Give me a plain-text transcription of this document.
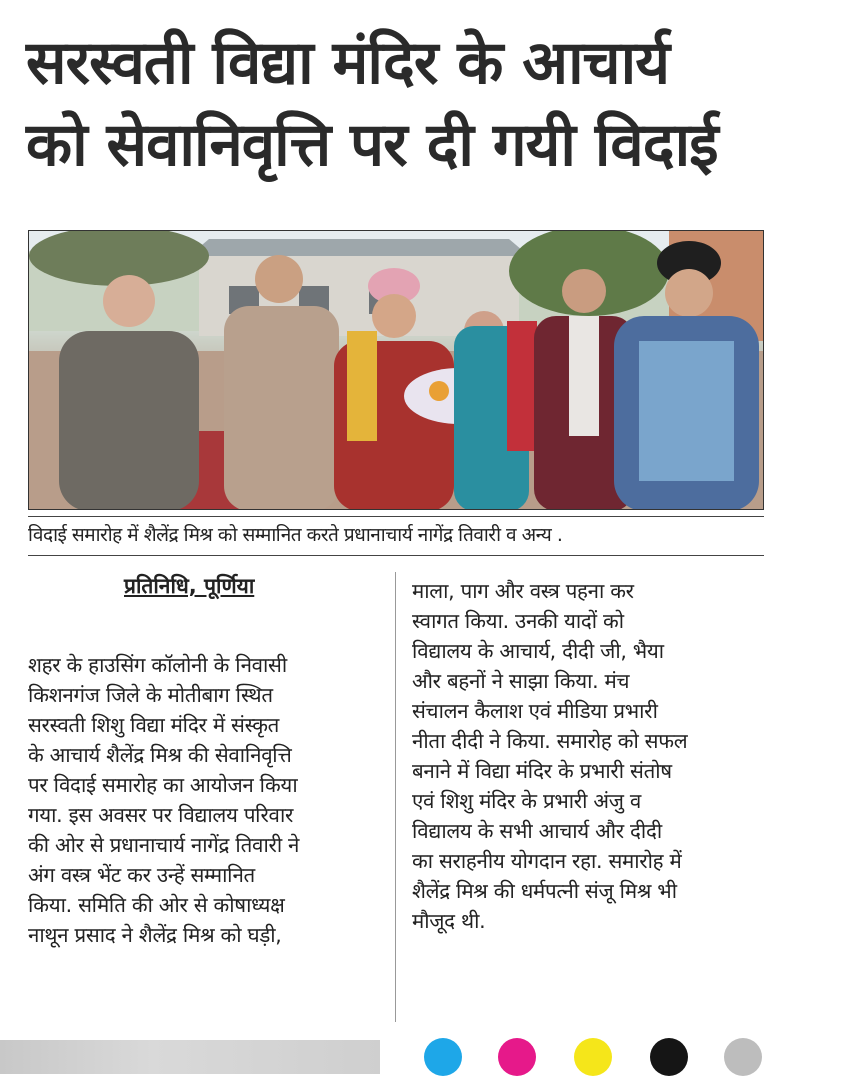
सरस्वती विद्या मंदिर के आचार्य
को सेवानिवृत्ति पर दी गयी विदाई
विदाई समारोह में शैलेंद्र मिश्र को सम्मानित करते प्रधानाचार्य नागेंद्र तिवारी व अन्य .
प्रतिनिधि, पूर्णिया
शहर के हाउसिंग कॉलोनी के निवासी
किशनगंज जिले के मोतीबाग स्थित
सरस्वती शिशु विद्या मंदिर में संस्कृत
के आचार्य शैलेंद्र मिश्र की सेवानिवृत्ति
पर विदाई समारोह का आयोजन किया
गया. इस अवसर पर विद्यालय परिवार
की ओर से प्रधानाचार्य नागेंद्र तिवारी ने
अंग वस्त्र भेंट कर उन्हें सम्मानित
किया. समिति की ओर से कोषाध्यक्ष
नाथून प्रसाद ने शैलेंद्र मिश्र को घड़ी,
माला, पाग और वस्त्र पहना कर
स्वागत किया. उनकी यादों को
विद्यालय के आचार्य, दीदी जी, भैया
और बहनों ने साझा किया. मंच
संचालन कैलाश एवं मीडिया प्रभारी
नीता दीदी ने किया. समारोह को सफल
बनाने में विद्या मंदिर के प्रभारी संतोष
एवं शिशु मंदिर के प्रभारी अंजु व
विद्यालय के सभी आचार्य और दीदी
का सराहनीय योगदान रहा. समारोह में
शैलेंद्र मिश्र की धर्मपत्नी संजू मिश्र भी
मौजूद थी.
